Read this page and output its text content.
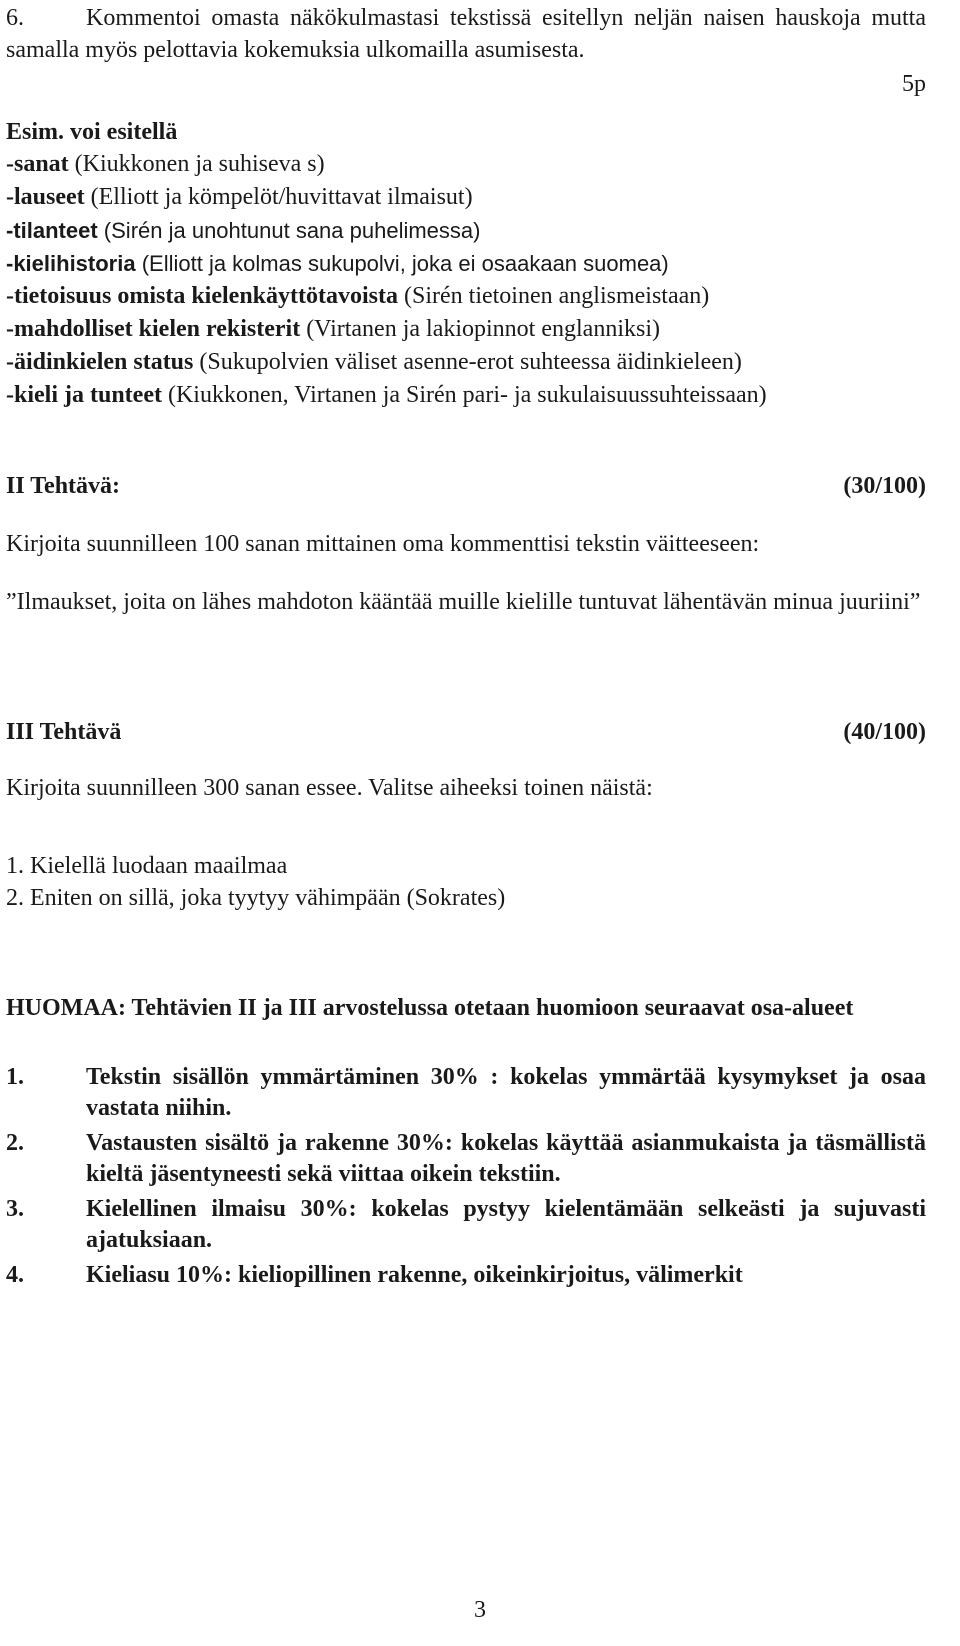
6.	Kommentoi omasta näkökulmastasi tekstissä esitellyn neljän naisen hauskoja mutta samalla myös pelottavia kokemuksia ulkomailla asumisesta.

5p

Esim. voi esitellä

-sanat (Kiukkonen ja suhiseva s)

-lauseet (Elliott ja kömpelöt/huvittavat ilmaisut)

-tilanteet (Sirén ja unohtunut sana puhelimessa)

-kielihistoria (Elliott ja kolmas sukupolvi, joka ei osaakaan suomea)

-tietoisuus omista kielenkäyttötavoista (Sirén tietoinen anglismeistaan)

-mahdolliset kielen rekisterit (Virtanen ja lakiopinnot englanniksi)

-äidinkielen status (Sukupolvien väliset asenne-erot suhteessa äidinkieleen)

-kieli ja tunteet (Kiukkonen, Virtanen ja Sirén pari- ja sukulaisuussuhteissaan)

II Tehtävä:	(30/100)

Kirjoita suunnilleen 100 sanan mittainen oma kommenttisi tekstin väitteeseen:

”Ilmaukset, joita on lähes mahdoton kääntää muille kielille tuntuvat lähentävän minua juuriini”

III Tehtävä	(40/100)

Kirjoita suunnilleen 300 sanan essee. Valitse aiheeksi toinen näistä:

1. Kielellä luodaan maailmaa

2. Eniten on sillä, joka tyytyy vähimpään (Sokrates)

HUOMAA: Tehtävien II ja III arvostelussa otetaan huomioon seuraavat osa-alueet

1.	Tekstin sisällön ymmärtäminen 30% : kokelas ymmärtää kysymykset ja osaa vastata niihin.
2.	Vastausten sisältö ja rakenne 30%: kokelas käyttää asianmukaista ja täsmällistä kieltä jäsentyneesti sekä viittaa oikein tekstiin.
3.	Kielellinen ilmaisu 30%: kokelas pystyy kielentämään selkeästi ja sujuvasti ajatuksiaan.
4.	Kieliasu 10%: kieliopillinen rakenne, oikeinkirjoitus, välimerkit
3
